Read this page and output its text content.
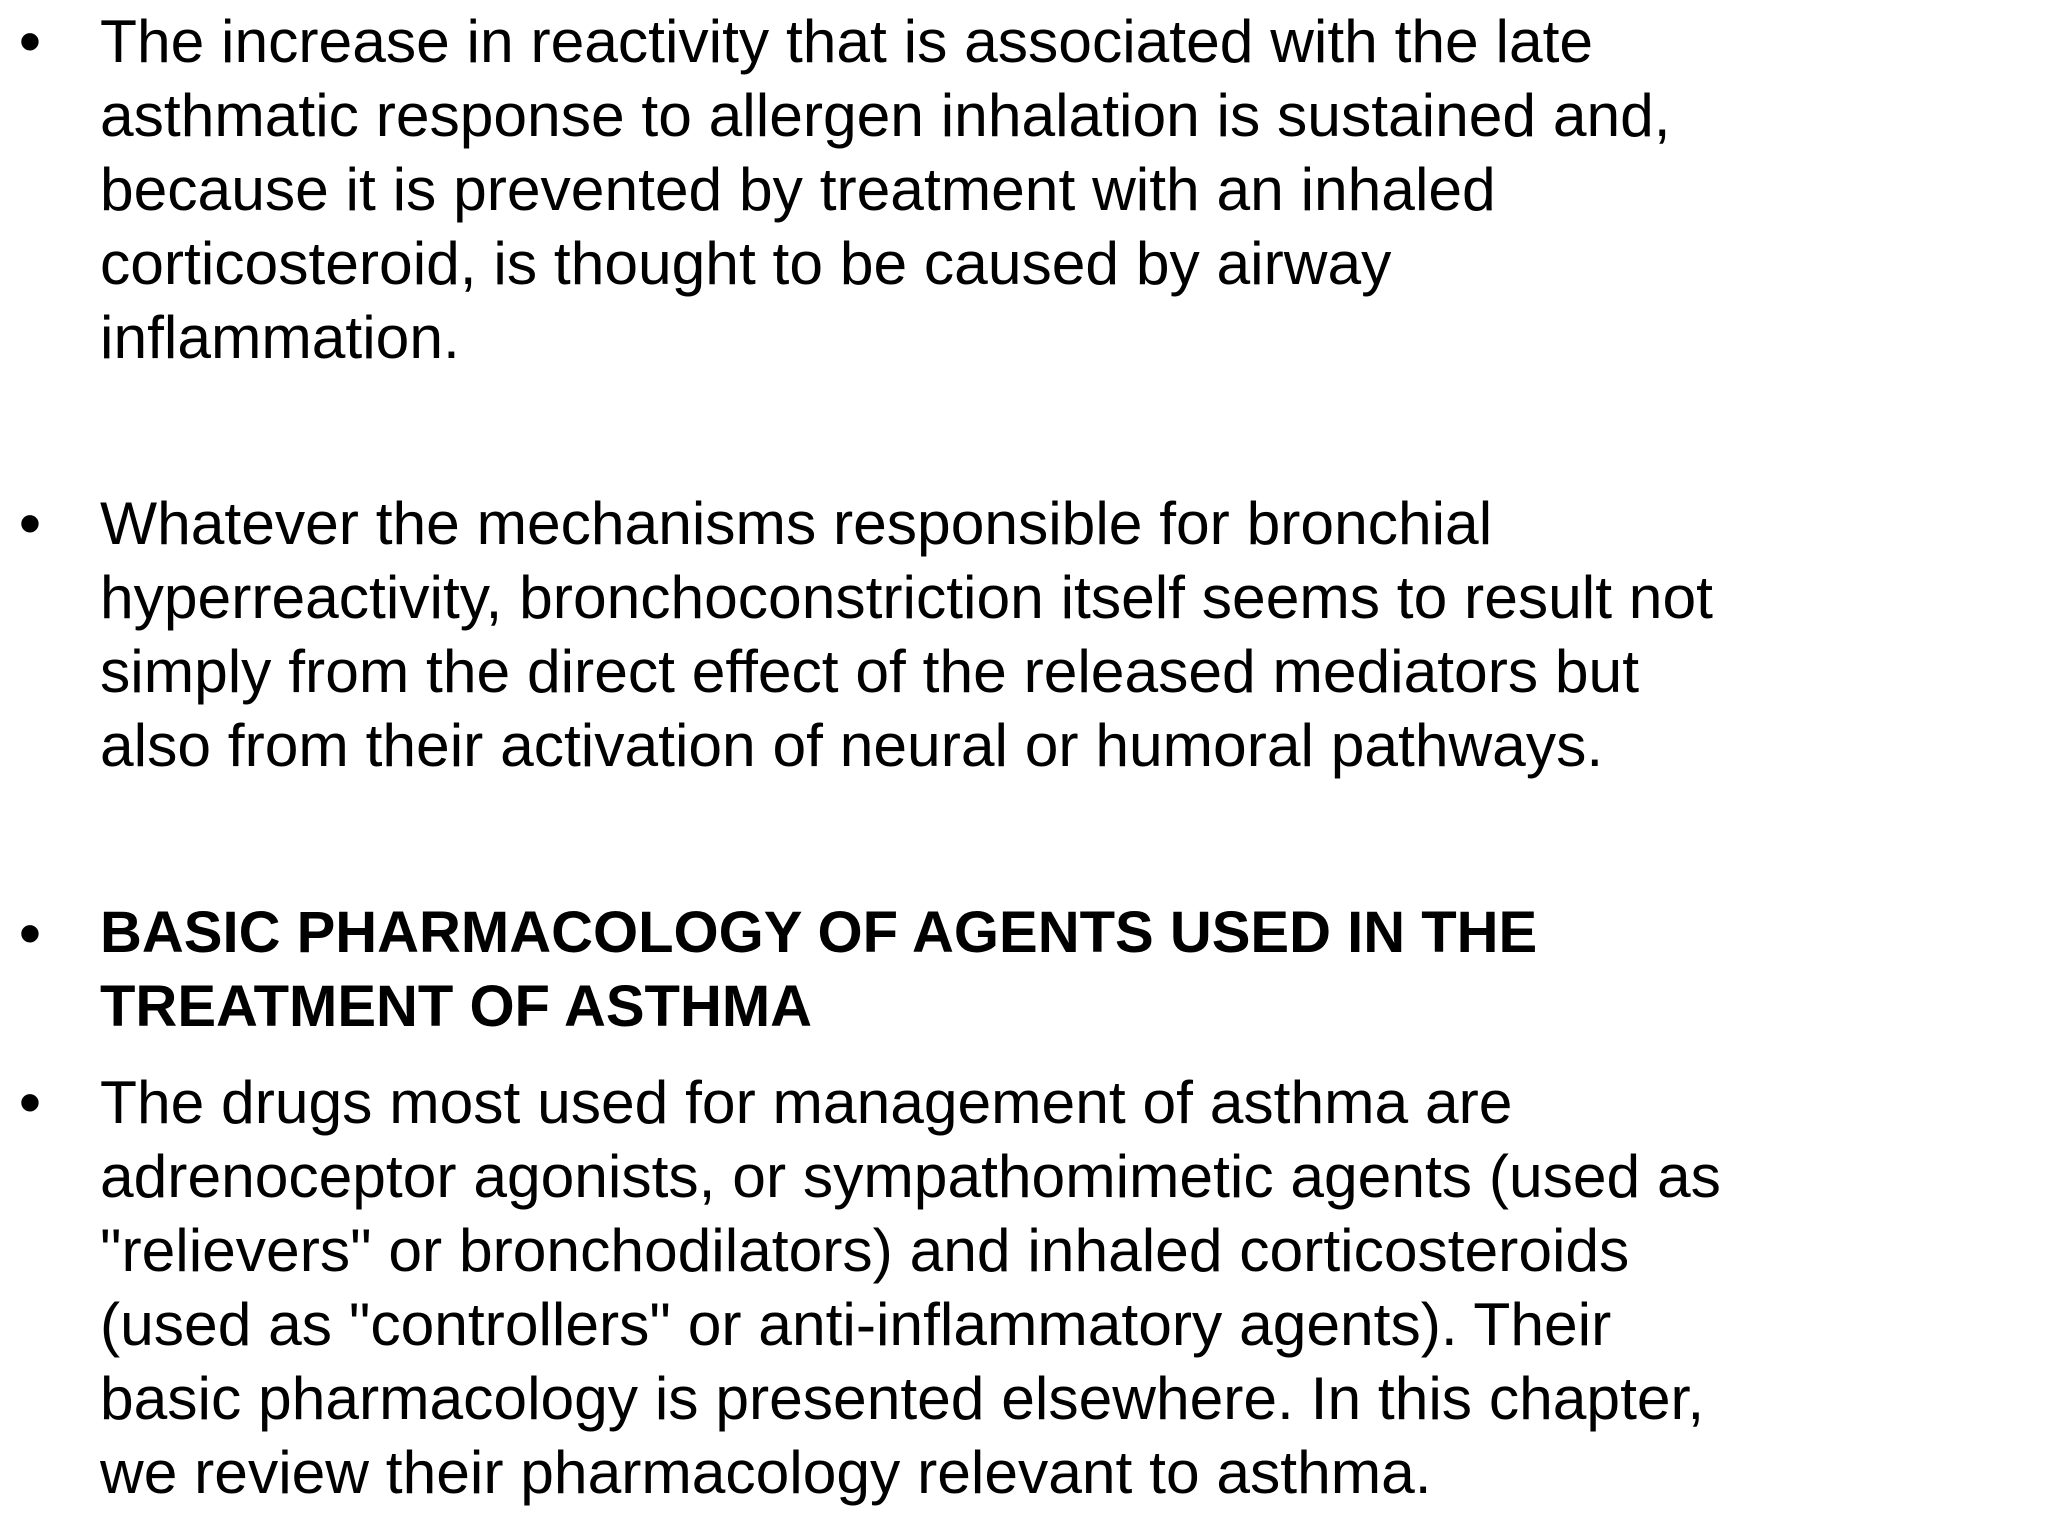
• The increase in reactivity that is associated with the late
asthmatic response to allergen inhalation is sustained and,
because it is prevented by treatment with an inhaled
corticosteroid, is thought to be caused by airway
inflammation.
• Whatever the mechanisms responsible for bronchial
hyperreactivity, bronchoconstriction itself seems to result not
simply from the direct effect of the released mediators but
also from their activation of neural or humoral pathways.
•	BASIC PHARMACOLOGY OF AGENTS USED IN THE
TREATMENT OF ASTHMA
• The drugs most used for management of asthma are
adrenoceptor agonists, or sympathomimetic agents (used as
"relievers" or bronchodilators) and inhaled corticosteroids
(used as "controllers" or anti-inflammatory agents). Their
basic pharmacology is presented elsewhere. In this chapter,
we review their pharmacology relevant to asthma.
